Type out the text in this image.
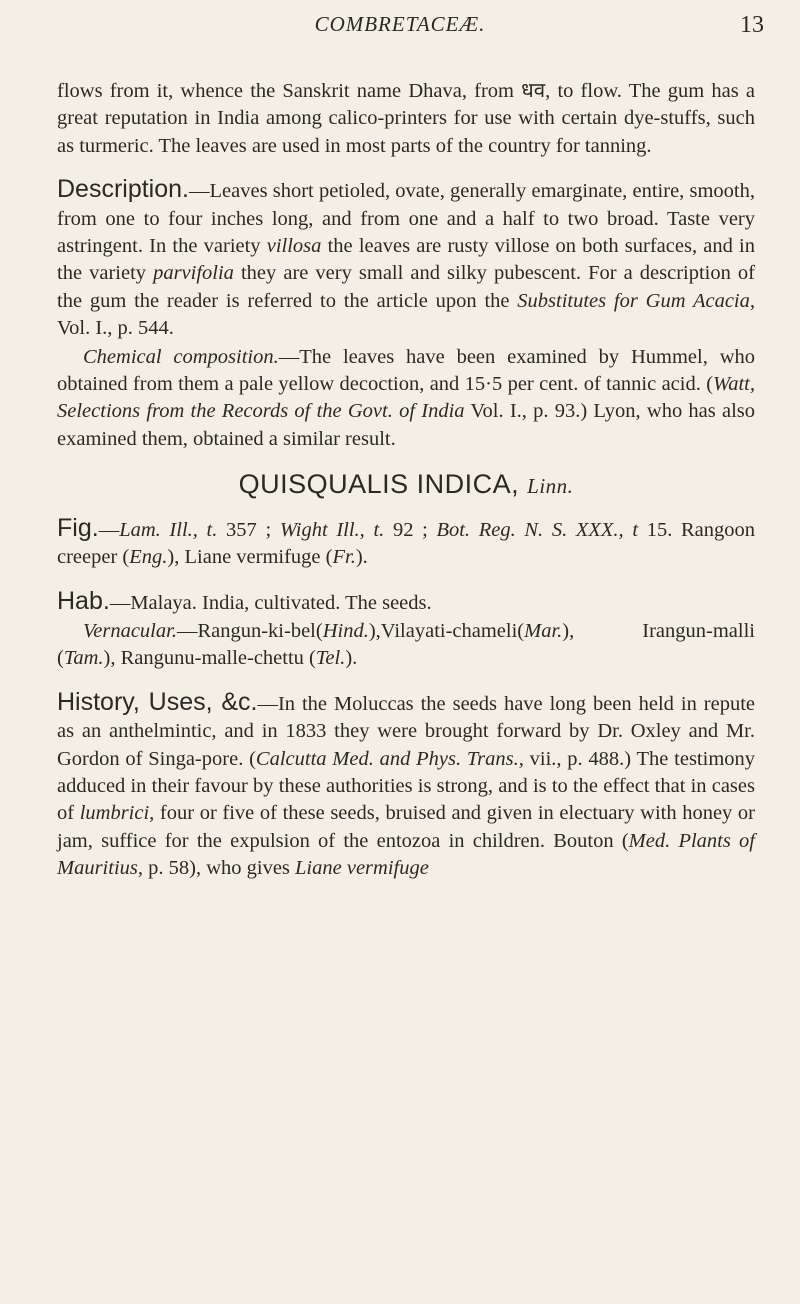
COMBRETACEÆ.	13

flows from it, whence the Sanskrit name Dhava, from धव, to flow. The gum has a great reputation in India among calico-printers for use with certain dye-stuffs, such as turmeric. The leaves are used in most parts of the country for tanning.

Description.—Leaves short petioled, ovate, generally emarginate, entire, smooth, from one to four inches long, and from one and a half to two broad. Taste very astringent. In the variety villosa the leaves are rusty villose on both surfaces, and in the variety parvifolia they are very small and silky pubescent. For a description of the gum the reader is referred to the article upon the Substitutes for Gum Acacia, Vol. I., p. 544.

Chemical composition.—The leaves have been examined by Hummel, who obtained from them a pale yellow decoction, and 15·5 per cent. of tannic acid. (Watt, Selections from the Records of the Govt. of India Vol. I., p. 93.) Lyon, who has also examined them, obtained a similar result.

QUISQUALIS INDICA, Linn.

Fig.—Lam. Ill., t. 357 ; Wight Ill., t. 92 ; Bot. Reg. N. S. XXX., t 15. Rangoon creeper (Eng.), Liane vermifuge (Fr.).

Hab.—Malaya. India, cultivated. The seeds.

Vernacular.—Rangun-ki-bel(Hind.),Vilayati-chameli(Mar.), Irangun-malli (Tam.), Rangunu-malle-chettu (Tel.).

History, Uses, &c.—In the Moluccas the seeds have long been held in repute as an anthelmintic, and in 1833 they were brought forward by Dr. Oxley and Mr. Gordon of Singa-pore. (Calcutta Med. and Phys. Trans., vii., p. 488.) The testimony adduced in their favour by these authorities is strong, and is to the effect that in cases of lumbrici, four or five of these seeds, bruised and given in electuary with honey or jam, suffice for the expulsion of the entozoa in children. Bouton (Med. Plants of Mauritius, p. 58), who gives Liane vermifuge
